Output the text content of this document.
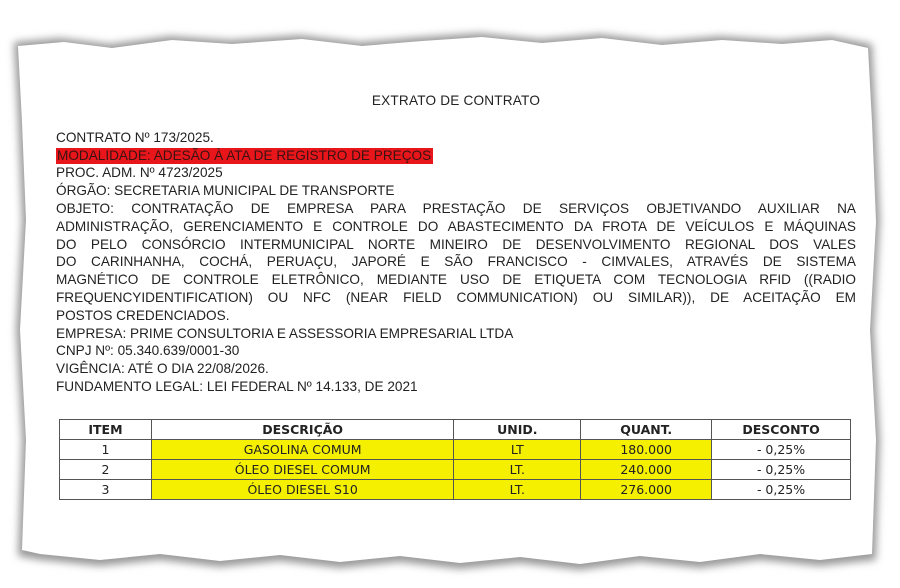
EXTRATO DE CONTRATO
CONTRATO Nº 173/2025.
MODALIDADE: ADESÃO À ATA DE REGISTRO DE PREÇOS
PROC. ADM. Nº 4723/2025
ÓRGÃO: SECRETARIA MUNICIPAL DE TRANSPORTE
OBJETO: CONTRATAÇÃO DE EMPRESA PARA PRESTAÇÃO DE SERVIÇOS OBJETIVANDO AUXILIAR NA
ADMINISTRAÇÃO, GERENCIAMENTO E CONTROLE DO ABASTECIMENTO DA FROTA DE VEÍCULOS E MÁQUINAS
DO PELO CONSÓRCIO INTERMUNICIPAL NORTE MINEIRO DE DESENVOLVIMENTO REGIONAL DOS VALES
DO CARINHANHA, COCHÁ, PERUAÇU, JAPORÉ E SÃO FRANCISCO - CIMVALES, ATRAVÉS DE SISTEMA
MAGNÉTICO DE CONTROLE ELETRÔNICO, MEDIANTE USO DE ETIQUETA COM TECNOLOGIA RFID ((RADIO
FREQUENCYIDENTIFICATION) OU NFC (NEAR FIELD COMMUNICATION) OU SIMILAR)), DE ACEITAÇÃO EM
POSTOS CREDENCIADOS.
EMPRESA: PRIME CONSULTORIA E ASSESSORIA EMPRESARIAL LTDA
CNPJ Nº: 05.340.639/0001-30
VIGÊNCIA: ATÉ O DIA 22/08/2026.
FUNDAMENTO LEGAL: LEI FEDERAL Nº 14.133, DE 2021
ITEM	DESCRIÇÃO	UNID.	QUANT.	DESCONTO
1	GASOLINA COMUM	LT	180.000	- 0,25%
2	ÓLEO DIESEL COMUM	LT.	240.000	- 0,25%
3	ÓLEO DIESEL S10	LT.	276.000	- 0,25%
